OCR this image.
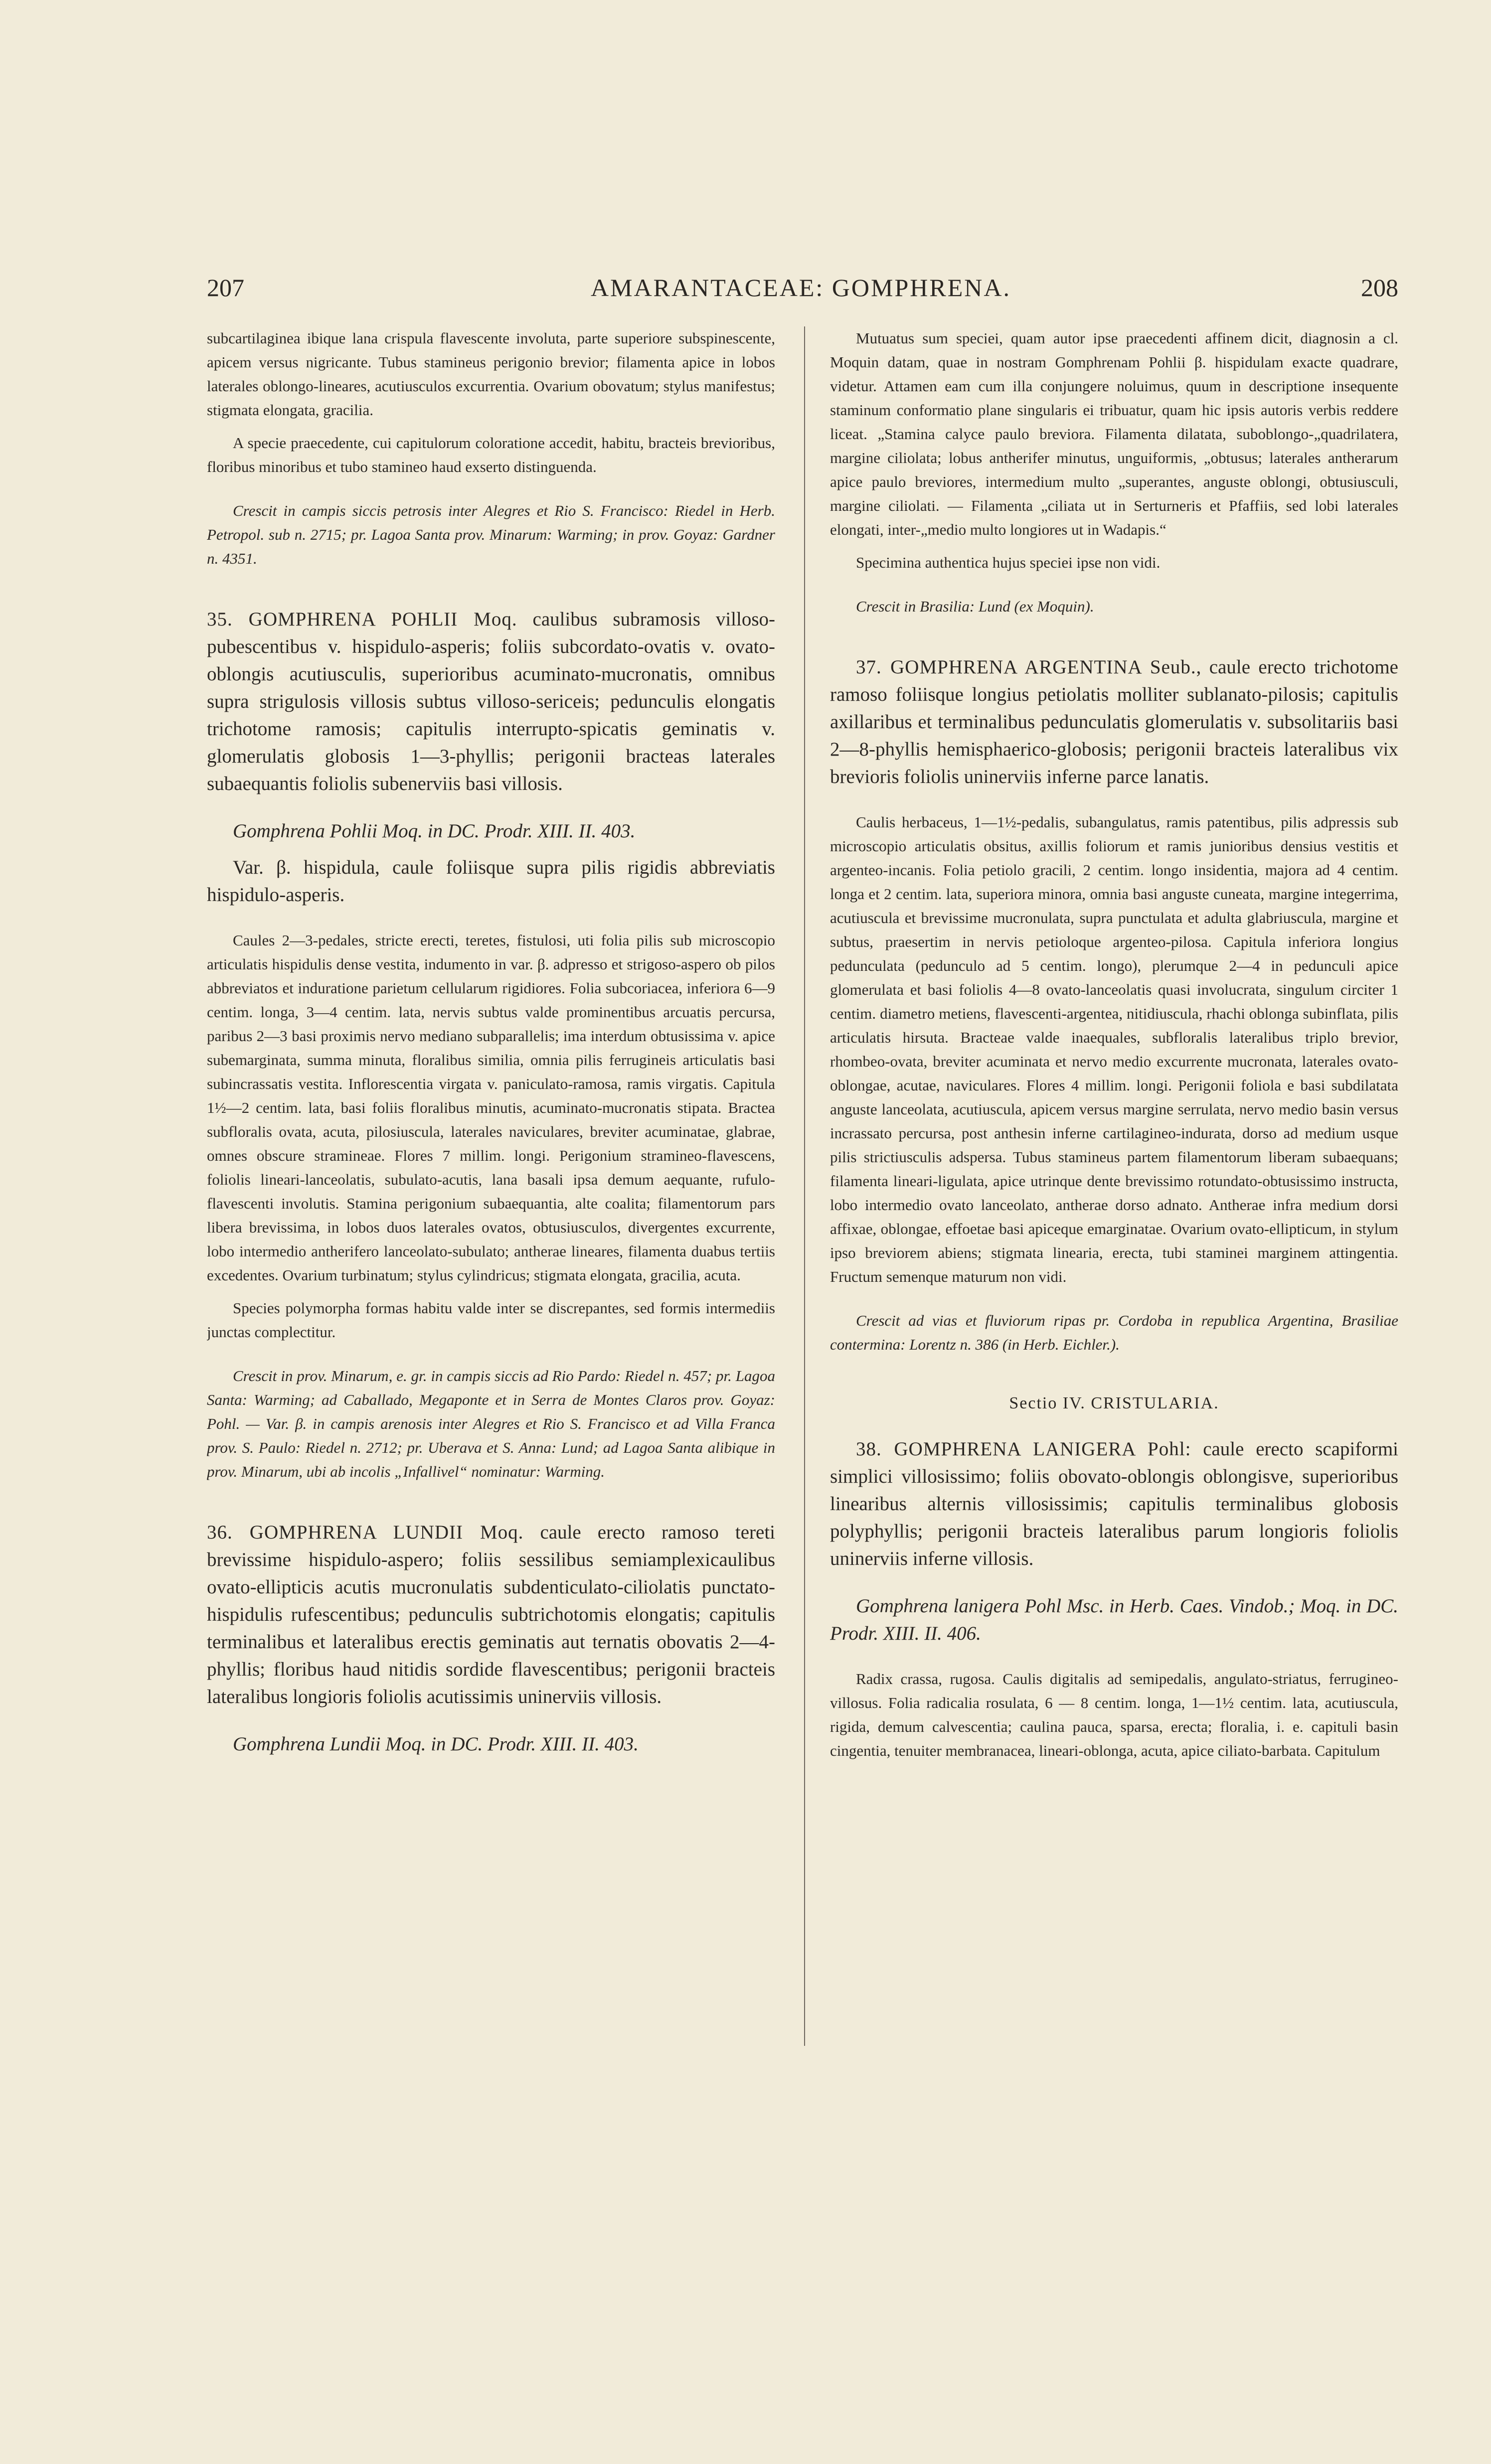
207	AMARANTACEAE: GOMPHRENA.	208

subcartilaginea ibique lana crispula flavescente involuta, parte superiore subspinescente, apicem versus nigricante. Tubus stamineus perigonio brevior; filamenta apice in lobos laterales oblongo-lineares, acutiusculos excurrentia. Ovarium obovatum; stylus manifestus; stigmata elongata, gracilia.

A specie praecedente, cui capitulorum coloratione accedit, habitu, bracteis brevioribus, floribus minoribus et tubo stamineo haud exserto distinguenda.

Crescit in campis siccis petrosis inter Alegres et Rio S. Francisco: Riedel in Herb. Petropol. sub n. 2715; pr. Lagoa Santa prov. Minarum: Warming; in prov. Goyaz: Gardner n. 4351.

35. GOMPHRENA POHLII Moq. caulibus subramosis villoso-pubescentibus v. hispidulo-asperis; foliis subcordato-ovatis v. ovato-oblongis acutiusculis, superioribus acuminato-mucronatis, omnibus supra strigulosis villosis subtus villoso-sericeis; pedunculis elongatis trichotome ramosis; capitulis interrupto-spicatis geminatis v. glomerulatis globosis 1—3-phyllis; perigonii bracteas laterales subaequantis foliolis subenerviis basi villosis.

Gomphrena Pohlii Moq. in DC. Prodr. XIII. II. 403.

Var. β. hispidula, caule foliisque supra pilis rigidis abbreviatis hispidulo-asperis.

Caules 2—3-pedales, stricte erecti, teretes, fistulosi, uti folia pilis sub microscopio articulatis hispidulis dense vestita, indumento in var. β. adpresso et strigoso-aspero ob pilos abbreviatos et induratione parietum cellularum rigidiores. Folia subcoriacea, inferiora 6—9 centim. longa, 3—4 centim. lata, nervis subtus valde prominentibus arcuatis percursa, paribus 2—3 basi proximis nervo mediano subparallelis; ima interdum obtusissima v. apice subemarginata, summa minuta, floralibus similia, omnia pilis ferrugineis articulatis basi subincrassatis vestita. Inflorescentia virgata v. paniculato-ramosa, ramis virgatis. Capitula 1½—2 centim. lata, basi foliis floralibus minutis, acuminato-mucronatis stipata. Bractea subfloralis ovata, acuta, pilosiuscula, laterales naviculares, breviter acuminatae, glabrae, omnes obscure stramineae. Flores 7 millim. longi. Perigonium stramineo-flavescens, foliolis lineari-lanceolatis, subulato-acutis, lana basali ipsa demum aequante, rufulo-flavescenti involutis. Stamina perigonium subaequantia, alte coalita; filamentorum pars libera brevissima, in lobos duos laterales ovatos, obtusiusculos, divergentes excurrente, lobo intermedio antherifero lanceolato-subulato; antherae lineares, filamenta duabus tertiis excedentes. Ovarium turbinatum; stylus cylindricus; stigmata elongata, gracilia, acuta.

Species polymorpha formas habitu valde inter se discrepantes, sed formis intermediis junctas complectitur.

Crescit in prov. Minarum, e. gr. in campis siccis ad Rio Pardo: Riedel n. 457; pr. Lagoa Santa: Warming; ad Caballado, Megaponte et in Serra de Montes Claros prov. Goyaz: Pohl. — Var. β. in campis arenosis inter Alegres et Rio S. Francisco et ad Villa Franca prov. S. Paulo: Riedel n. 2712; pr. Uberava et S. Anna: Lund; ad Lagoa Santa alibique in prov. Minarum, ubi ab incolis „Infallivel“ nominatur: Warming.

36. GOMPHRENA LUNDII Moq. caule erecto ramoso tereti brevissime hispidulo-aspero; foliis sessilibus semiamplexicaulibus ovato-ellipticis acutis mucronulatis subdenticulato-ciliolatis punctato-hispidulis rufescentibus; pedunculis subtrichotomis elongatis; capitulis terminalibus et lateralibus erectis geminatis aut ternatis obovatis 2—4-phyllis; floribus haud nitidis sordide flavescentibus; perigonii bracteis lateralibus longioris foliolis acutissimis uninerviis villosis.

Gomphrena Lundii Moq. in DC. Prodr. XIII. II. 403.

Mutuatus sum speciei, quam autor ipse praecedenti affinem dicit, diagnosin a cl. Moquin datam, quae in nostram Gomphrenam Pohlii β. hispidulam exacte quadrare, videtur. Attamen eam cum illa conjungere noluimus, quum in descriptione insequente staminum conformatio plane singularis ei tribuatur, quam hic ipsis autoris verbis reddere liceat. „Stamina calyce paulo breviora. Filamenta dilatata, suboblongo-„quadrilatera, margine ciliolata; lobus antherifer minutus, unguiformis, „obtusus; laterales antherarum apice paulo breviores, intermedium multo „superantes, anguste oblongi, obtusiusculi, margine ciliolati. — Filamenta „ciliata ut in Serturneris et Pfaffiis, sed lobi laterales elongati, inter-„medio multo longiores ut in Wadapis.“

Specimina authentica hujus speciei ipse non vidi.

Crescit in Brasilia: Lund (ex Moquin).

37. GOMPHRENA ARGENTINA Seub., caule erecto trichotome ramoso foliisque longius petiolatis molliter sublanato-pilosis; capitulis axillaribus et terminalibus pedunculatis glomerulatis v. subsolitariis basi 2—8-phyllis hemisphaerico-globosis; perigonii bracteis lateralibus vix brevioris foliolis uninerviis inferne parce lanatis.

Caulis herbaceus, 1—1½-pedalis, subangulatus, ramis patentibus, pilis adpressis sub microscopio articulatis obsitus, axillis foliorum et ramis junioribus densius vestitis et argenteo-incanis. Folia petiolo gracili, 2 centim. longo insidentia, majora ad 4 centim. longa et 2 centim. lata, superiora minora, omnia basi anguste cuneata, margine integerrima, acutiuscula et brevissime mucronulata, supra punctulata et adulta glabriuscula, margine et subtus, praesertim in nervis petioloque argenteo-pilosa. Capitula inferiora longius pedunculata (pedunculo ad 5 centim. longo), plerumque 2—4 in pedunculi apice glomerulata et basi foliolis 4—8 ovato-lanceolatis quasi involucrata, singulum circiter 1 centim. diametro metiens, flavescenti-argentea, nitidiuscula, rhachi oblonga subinflata, pilis articulatis hirsuta. Bracteae valde inaequales, subfloralis lateralibus triplo brevior, rhombeo-ovata, breviter acuminata et nervo medio excurrente mucronata, laterales ovato-oblongae, acutae, naviculares. Flores 4 millim. longi. Perigonii foliola e basi subdilatata anguste lanceolata, acutiuscula, apicem versus margine serrulata, nervo medio basin versus incrassato percursa, post anthesin inferne cartilagineo-indurata, dorso ad medium usque pilis strictiusculis adspersa. Tubus stamineus partem filamentorum liberam subaequans; filamenta lineari-ligulata, apice utrinque dente brevissimo rotundato-obtusissimo instructa, lobo intermedio ovato lanceolato, antherae dorso adnato. Antherae infra medium dorsi affixae, oblongae, effoetae basi apiceque emarginatae. Ovarium ovato-ellipticum, in stylum ipso breviorem abiens; stigmata linearia, erecta, tubi staminei marginem attingentia. Fructum semenque maturum non vidi.

Crescit ad vias et fluviorum ripas pr. Cordoba in republica Argentina, Brasiliae contermina: Lorentz n. 386 (in Herb. Eichler.).

Sectio IV. CRISTULARIA.

38. GOMPHRENA LANIGERA Pohl: caule erecto scapiformi simplici villosissimo; foliis obovato-oblongis oblongisve, superioribus linearibus alternis villosissimis; capitulis terminalibus globosis polyphyllis; perigonii bracteis lateralibus parum longioris foliolis uninerviis inferne villosis.

Gomphrena lanigera Pohl Msc. in Herb. Caes. Vindob.; Moq. in DC. Prodr. XIII. II. 406.

Radix crassa, rugosa. Caulis digitalis ad semipedalis, angulato-striatus, ferrugineo-villosus. Folia radicalia rosulata, 6 — 8 centim. longa, 1—1½ centim. lata, acutiuscula, rigida, demum calvescentia; caulina pauca, sparsa, erecta; floralia, i. e. capituli basin cingentia, tenuiter membranacea, lineari-oblonga, acuta, apice ciliato-barbata. Capitulum
